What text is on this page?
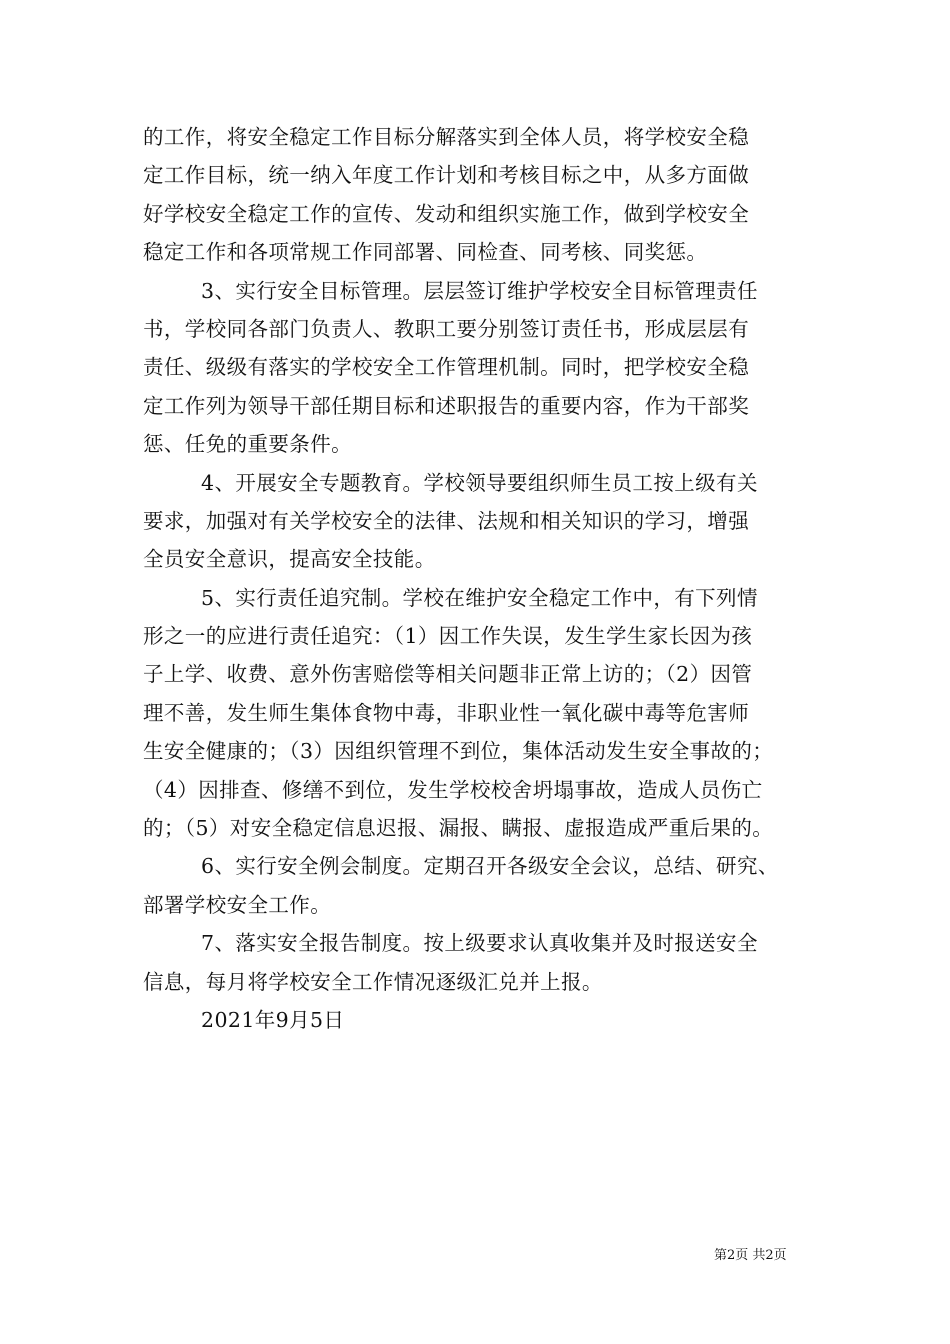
的工作，将安全稳定工作目标分解落实到全体人员，将学校安全稳
定工作目标，统一纳入年度工作计划和考核目标之中，从多方面做
好学校安全稳定工作的宣传、发动和组织实施工作，做到学校安全
稳定工作和各项常规工作同部署、同检查、同考核、同奖惩。
3、实行安全目标管理。层层签订维护学校安全目标管理责任
书，学校同各部门负责人、教职工要分别签订责任书，形成层层有
责任、级级有落实的学校安全工作管理机制。同时，把学校安全稳
定工作列为领导干部任期目标和述职报告的重要内容，作为干部奖
惩、任免的重要条件。
4、开展安全专题教育。学校领导要组织师生员工按上级有关
要求，加强对有关学校安全的法律、法规和相关知识的学习，增强
全员安全意识，提高安全技能。
5、实行责任追究制。学校在维护安全稳定工作中，有下列情
形之一的应进行责任追究：（1）因工作失误，发生学生家长因为孩
子上学、收费、意外伤害赔偿等相关问题非正常上访的；（2）因管
理不善，发生师生集体食物中毒，非职业性一氧化碳中毒等危害师
生安全健康的；（3）因组织管理不到位，集体活动发生安全事故的；
（4）因排查、修缮不到位，发生学校校舍坍塌事故，造成人员伤亡
的；（5）对安全稳定信息迟报、漏报、瞒报、虚报造成严重后果的。
6、实行安全例会制度。定期召开各级安全会议，总结、研究、
部署学校安全工作。
7、落实安全报告制度。按上级要求认真收集并及时报送安全
信息，每月将学校安全工作情况逐级汇兑并上报。
2021年9月5日
第2页 共2页
